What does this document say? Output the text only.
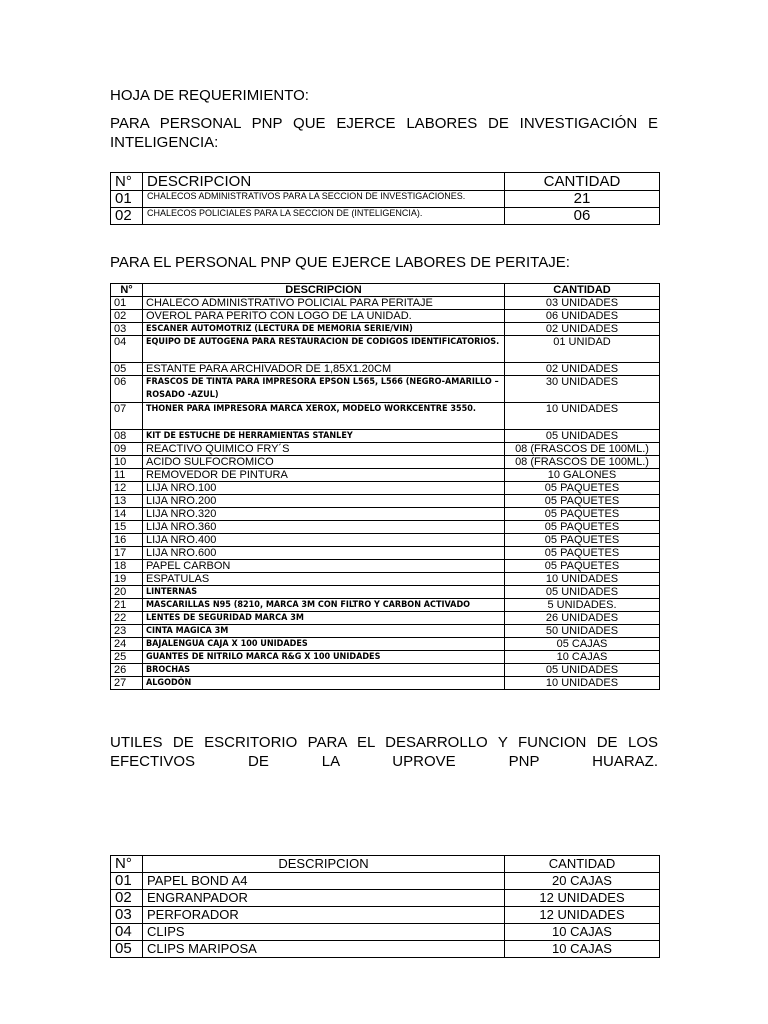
HOJA DE REQUERIMIENTO:
PARA PERSONAL PNP QUE EJERCE LABORES DE INVESTIGACIÓN E INTELIGENCIA:
N°	DESCRIPCION	CANTIDAD
01	CHALECOS ADMINISTRATIVOS PARA LA SECCION DE INVESTIGACIONES.	21
02	CHALECOS POLICIALES PARA LA SECCION DE (INTELIGENCIA).	06
PARA EL PERSONAL PNP QUE EJERCE LABORES DE PERITAJE:
N°	DESCRIPCION	CANTIDAD
01	CHALECO ADMINISTRATIVO POLICIAL PARA PERITAJE	03 UNIDADES
02	OVEROL PARA PERITO CON LOGO DE LA UNIDAD.	06 UNIDADES
03	ESCANER AUTOMOTRIZ (LECTURA DE MEMORIA SERIE/VIN)	02 UNIDADES
04	EQUIPO DE AUTOGENA PARA RESTAURACION DE CODIGOS IDENTIFICATORIOS.	01 UNIDAD
05	ESTANTE PARA ARCHIVADOR DE 1,85X1.20CM	02 UNIDADES
06	FRASCOS DE TINTA PARA IMPRESORA EPSON L565, L566 (NEGRO-AMARILLO – ROSADO -AZUL)	30 UNIDADES
07	THONER PARA IMPRESORA MARCA XEROX, MODELO WORKCENTRE 3550.	10 UNIDADES
08	KIT DE ESTUCHE DE HERRAMIENTAS STANLEY	05 UNIDADES
09	REACTIVO QUIMICO FRY´S	08 (FRASCOS DE 100ML.)
10	ACIDO SULFOCROMICO	08 (FRASCOS DE 100ML.)
11	REMOVEDOR DE PINTURA	10 GALONES
12	LIJA NRO.100	05 PAQUETES
13	LIJA NRO.200	05 PAQUETES
14	LIJA NRO.320	05 PAQUETES
15	LIJA NRO.360	05 PAQUETES
16	LIJA NRO.400	05 PAQUETES
17	LIJA NRO.600	05 PAQUETES
18	PAPEL CARBON	05 PAQUETES
19	ESPATULAS	10 UNIDADES
20	LINTERNAS	05 UNIDADES
21	MASCARILLAS N95 (8210, MARCA 3M CON FILTRO Y CARBON ACTIVADO	5 UNIDADES.
22	LENTES DE SEGURIDAD MARCA 3M	26 UNIDADES
23	CINTA MAGICA 3M	50 UNIDADES
24	BAJALENGUA CAJA X 100 UNIDADES	05 CAJAS
25	GUANTES DE NITRILO MARCA R&G X 100 UNIDADES	10 CAJAS
26	BROCHAS	05 UNIDADES
27	ALGODÓN	10 UNIDADES
UTILES DE ESCRITORIO PARA EL DESARROLLO Y FUNCION DE LOS EFECTIVOS DE LA UPROVE PNP HUARAZ.
N°	DESCRIPCION	CANTIDAD
01	PAPEL BOND A4	20 CAJAS
02	ENGRANPADOR	12 UNIDADES
03	PERFORADOR	12 UNIDADES
04	CLIPS	10 CAJAS
05	CLIPS MARIPOSA	10 CAJAS
